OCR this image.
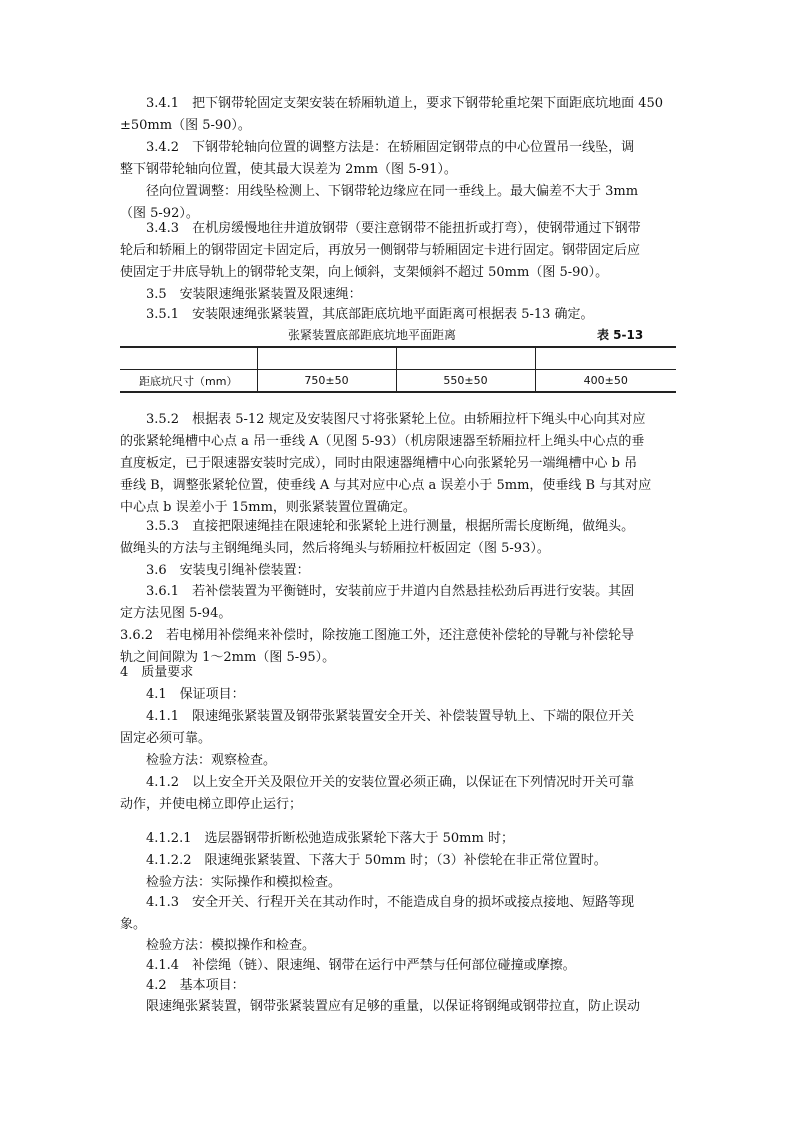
3.4.1　把下钢带轮固定支架安装在轿厢轨道上，要求下钢带轮重坨架下面距底坑地面 450
±50mm（图 5-90）。
3.4.2　下钢带轮轴向位置的调整方法是：在轿厢固定钢带点的中心位置吊一线坠，调
整下钢带轮轴向位置，使其最大误差为 2mm（图 5-91）。
径向位置调整：用线坠检测上、下钢带轮边缘应在同一垂线上。最大偏差不大于 3mm
（图 5-92）。
3.4.3　在机房缓慢地往井道放钢带（要注意钢带不能扭折或打弯），使钢带通过下钢带
轮后和轿厢上的钢带固定卡固定后，再放另一侧钢带与轿厢固定卡进行固定。钢带固定后应
使固定于井底导轨上的钢带轮支架，向上倾斜，支架倾斜不超过 50mm（图 5-90）。
3.5　安装限速绳张紧装置及限速绳：
3.5.1　安装限速绳张紧装置，其底部距底坑地平面距离可根据表 5-13 确定。
张紧装置底部距底坑地平面距离	表 5-13

距底坑尺寸（mm）	750±50	550±50	400±50
3.5.2　根据表 5-12 规定及安装图尺寸将张紧轮上位。由轿厢拉杆下绳头中心向其对应
的张紧轮绳槽中心点 a 吊一垂线 A（见图 5-93）（机房限速器至轿厢拉杆上绳头中心点的垂
直度板定，已于限速器安装时完成），同时由限速器绳槽中心向张紧轮另一端绳槽中心 b 吊
垂线 B，调整张紧轮位置，使垂线 A 与其对应中心点 a 误差小于 5mm，使垂线 B 与其对应
中心点 b 误差小于 15mm，则张紧装置位置确定。
3.5.3　直接把限速绳挂在限速轮和张紧轮上进行测量，根据所需长度断绳，做绳头。
做绳头的方法与主钢绳绳头同，然后将绳头与轿厢拉杆板固定（图 5-93）。
3.6　安装曳引绳补偿装置：
3.6.1　若补偿装置为平衡链时，安装前应于井道内自然悬挂松劲后再进行安装。其固
定方法见图 5-94。
3.6.2　若电梯用补偿绳来补偿时，除按施工图施工外，还注意使补偿轮的导靴与补偿轮导
轨之间间隙为 1～2mm（图 5-95）。
4　质量要求
4.1　保证项目：
4.1.1　限速绳张紧装置及钢带张紧装置安全开关、补偿装置导轨上、下端的限位开关
固定必须可靠。
检验方法：观察检查。
4.1.2　以上安全开关及限位开关的安装位置必须正确，以保证在下列情况时开关可靠
动作，并使电梯立即停止运行；
4.1.2.1　选层器钢带折断松弛造成张紧轮下落大于 50mm 时；
4.1.2.2　限速绳张紧装置、下落大于 50mm 时；（3）补偿轮在非正常位置时。
检验方法：实际操作和模拟检查。
4.1.3　安全开关、行程开关在其动作时，不能造成自身的损坏或接点接地、短路等现
象。
检验方法：模拟操作和检查。
4.1.4　补偿绳（链）、限速绳、钢带在运行中严禁与任何部位碰撞或摩擦。
4.2　基本项目：
限速绳张紧装置，钢带张紧装置应有足够的重量，以保证将钢绳或钢带拉直，防止误动
